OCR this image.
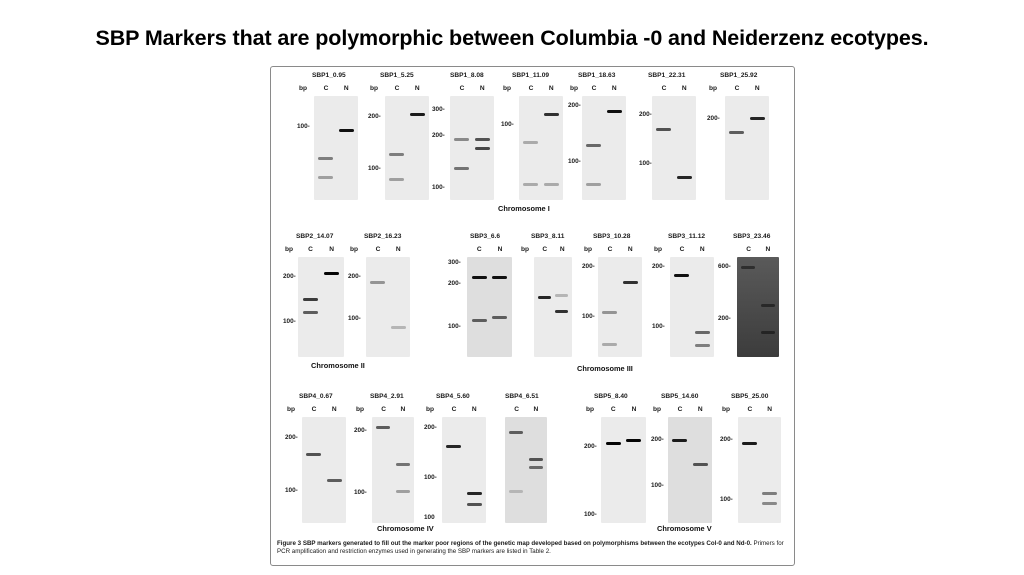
SBP Markers that are polymorphic between Columbia -0 and Neiderzenz ecotypes.
SBP1_0.95
bp	C N
100-
SBP1_5.25
bp	C N
200-
100-
SBP1_8.08
C N
300-
200-
100-
SBP1_11.09
bp	C N
100-
SBP1_18.63
bp C N
200-
100-
SBP1_22.31
C N
200-
100-
SBP1_25.92
bp	C N
200-
SBP2_14.07
bp C N
200-
100-
SBP2_16.23
bp	C N
200-
100-
SBP3_6.6
C N
300-
200-
100-
SBP3_8.11
bp C N
SBP3_10.28
bp C N
200-
100-
SBP3_11.12
bp	C N
200-
100-
SBP3_23.46
C N
600-
200-
SBP4_0.67
bp	C N
200-
100-
SBP4_2.91
bp	C N
200-
100-
SBP4_5.60
bp	C N
200-
100-
100
SBP4_6.51
C N
SBP5_8.40
bp	C N
200-
100-
SBP5_14.60
bp	C N
200-
100-
SBP5_25.00
bp	C N
200-
100-
Chromosome I
Chromosome II	Chromosome III
Chromosome IV	Chromosome V
Figure 3 SBP markers generated to fill out the marker poor regions of the genetic map developed based on polymorphisms between the ecotypes Col-0 and Nd-0. Primers for PCR amplification and restriction enzymes used in generating the SBP markers are listed in Table 2.
